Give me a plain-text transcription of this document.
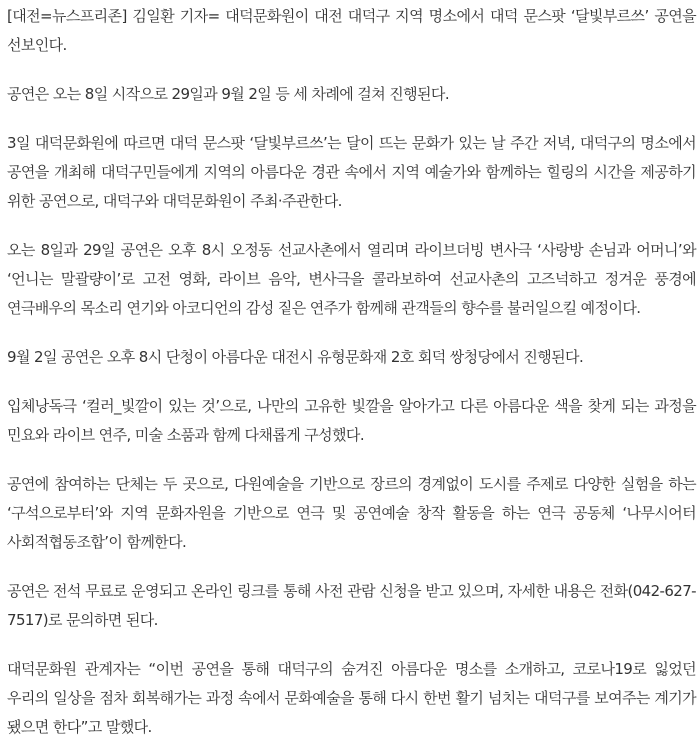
[대전=뉴스프리존] 김일환 기자= 대덕문화원이 대전 대덕구 지역 명소에서 대덕 문스팟 ‘달빛부르쓰’ 공연을 선보인다.

공연은 오는 8일 시작으로 29일과 9월 2일 등 세 차례에 걸쳐 진행된다.

3일 대덕문화원에 따르면 대덕 문스팟 ‘달빛부르쓰’는 달이 뜨는 문화가 있는 날 주간 저녁, 대덕구의 명소에서 공연을 개최해 대덕구민들에게 지역의 아름다운 경관 속에서 지역 예술가와 함께하는 힐링의 시간을 제공하기 위한 공연으로, 대덕구와 대덕문화원이 주최·주관한다.

오는 8일과 29일 공연은 오후 8시 오정동 선교사촌에서 열리며 라이브더빙 변사극 ‘사랑방 손님과 어머니’와 ‘언니는 말괄량이’로 고전 영화, 라이브 음악, 변사극을 콜라보하여 선교사촌의 고즈넉하고 정겨운 풍경에 연극배우의 목소리 연기와 아코디언의 감성 짙은 연주가 함께해 관객들의 향수를 불러일으킬 예정이다.

9월 2일 공연은 오후 8시 단청이 아름다운 대전시 유형문화재 2호 회덕 쌍청당에서 진행된다.

입체낭독극 ‘컬러_빛깔이 있는 것’으로, 나만의 고유한 빛깔을 알아가고 다른 아름다운 색을 찾게 되는 과정을 민요와 라이브 연주, 미술 소품과 함께 다채롭게 구성했다.

공연에 참여하는 단체는 두 곳으로, 다원예술을 기반으로 장르의 경계없이 도시를 주제로 다양한 실험을 하는 ‘구석으로부터’와 지역 문화자원을 기반으로 연극 및 공연예술 창작 활동을 하는 연극 공동체 ‘나무시어터 사회적협동조합’이 함께한다.

공연은 전석 무료로 운영되고 온라인 링크를 통해 사전 관람 신청을 받고 있으며, 자세한 내용은 전화(042-627-7517)로 문의하면 된다.

대덕문화원 관계자는 “이번 공연을 통해 대덕구의 숨겨진 아름다운 명소를 소개하고, 코로나19로 잃었던 우리의 일상을 점차 회복해가는 과정 속에서 문화예술을 통해 다시 한번 활기 넘치는 대덕구를 보여주는 계기가 됐으면 한다”고 말했다.
